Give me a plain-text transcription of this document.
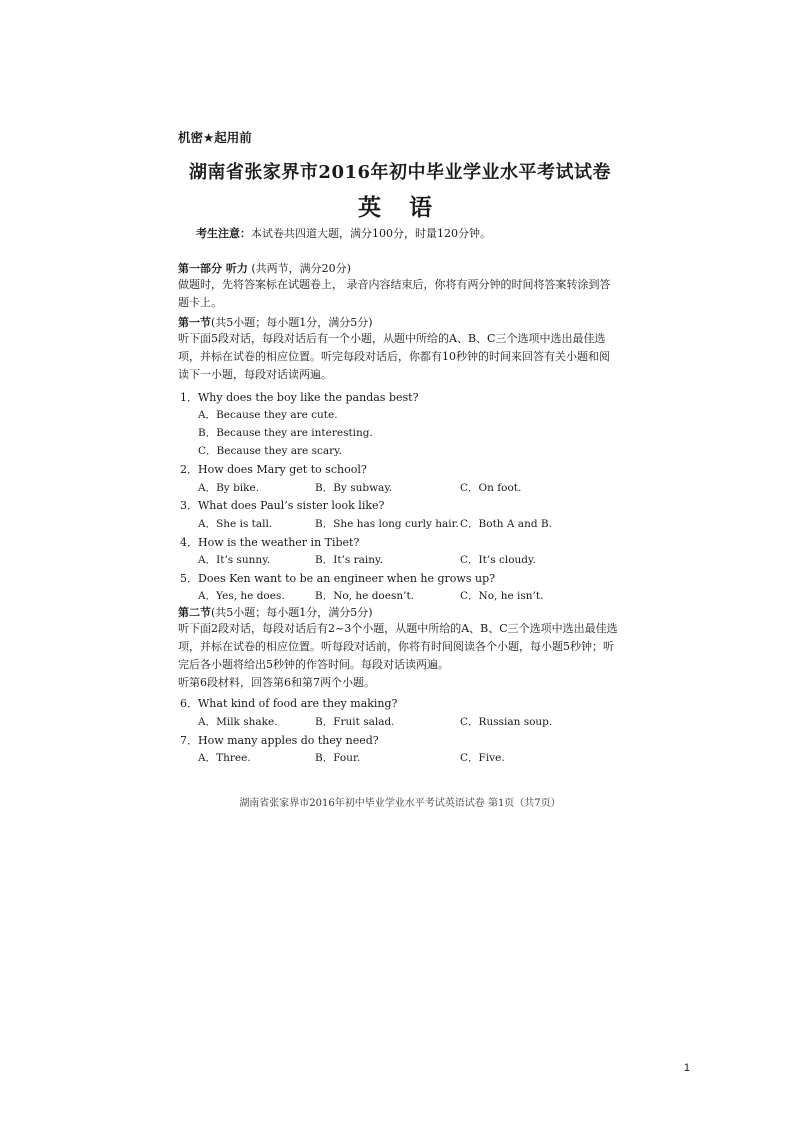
机密★起用前
湖南省张家界市2016年初中毕业学业水平考试试卷
英 语
考生注意：本试卷共四道大题，满分100分，时量120分钟。
第一部分 听力 (共两节，满分20分)
做题时，先将答案标在试题卷上， 录音内容结束后，你将有两分钟的时间将答案转涂到答题卡上。
第一节(共5小题；每小题1分，满分5分)
听下面5段对话，每段对话后有一个小题，从题中所给的A、B、C三个选项中选出最佳选项，并标在试卷的相应位置。听完每段对话后，你都有10秒钟的时间来回答有关小题和阅读下一小题，每段对话读两遍。
1．Why does the boy like the pandas best?
A．Because they are cute.
B．Because they are interesting.
C．Because they are scary.
2．How does Mary get to school?
A．By bike.	B．By subway.	C．On foot.
3．What does Paul’s sister look like?
A．She is tall.	B．She has long curly hair. C．Both A and B.
4．How is the weather in Tibet?
A．It’s sunny.	B．It’s rainy.	C．It’s cloudy.
5．Does Ken want to be an engineer when he grows up?
A．Yes, he does.	B．No, he doesn’t.	C．No, he isn’t.
第二节(共5小题；每小题1分，满分5分)
听下面2段对话，每段对话后有2~3个小题，从题中所给的A、B、C三个选项中选出最佳选项，并标在试卷的相应位置。听每段对话前，你将有时间阅读各个小题，每小题5秒钟；听完后各小题将给出5秒钟的作答时间。每段对话读两遍。
听第6段材料，回答第6和第7两个小题。
6．What kind of food are they making?
A．Milk shake.	B．Fruit salad.	C．Russian soup.
7．How many apples do they need?
A．Three.	B．Four.	C．Five.
湖南省张家界市2016年初中毕业学业水平考试英语试卷 第1页（共7页）
1
